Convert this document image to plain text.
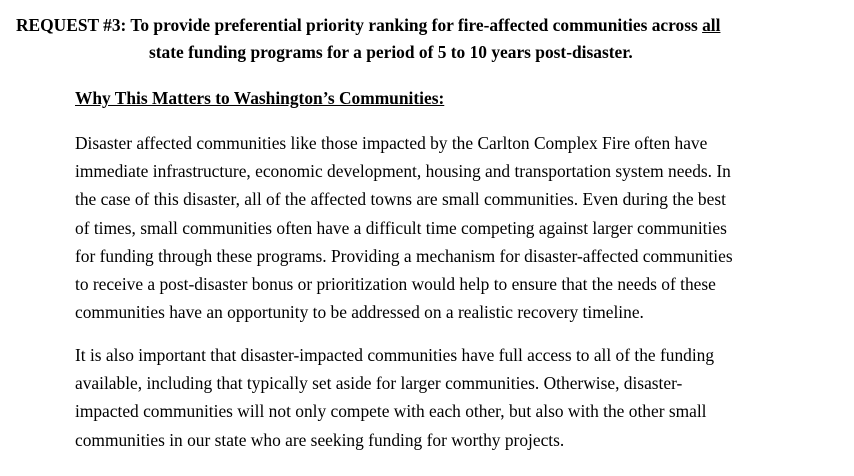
REQUEST #3: To provide preferential priority ranking for fire-affected communities across all
state funding programs for a period of 5 to 10 years post-disaster.
Why This Matters to Washington’s Communities:
Disaster affected communities like those impacted by the Carlton Complex Fire often have
immediate infrastructure, economic development, housing and transportation system needs. In
the case of this disaster, all of the affected towns are small communities. Even during the best
of times, small communities often have a difficult time competing against larger communities
for funding through these programs. Providing a mechanism for disaster-affected communities
to receive a post-disaster bonus or prioritization would help to ensure that the needs of these
communities have an opportunity to be addressed on a realistic recovery timeline.
It is also important that disaster-impacted communities have full access to all of the funding
available, including that typically set aside for larger communities. Otherwise, disaster-
impacted communities will not only compete with each other, but also with the other small
communities in our state who are seeking funding for worthy projects.
